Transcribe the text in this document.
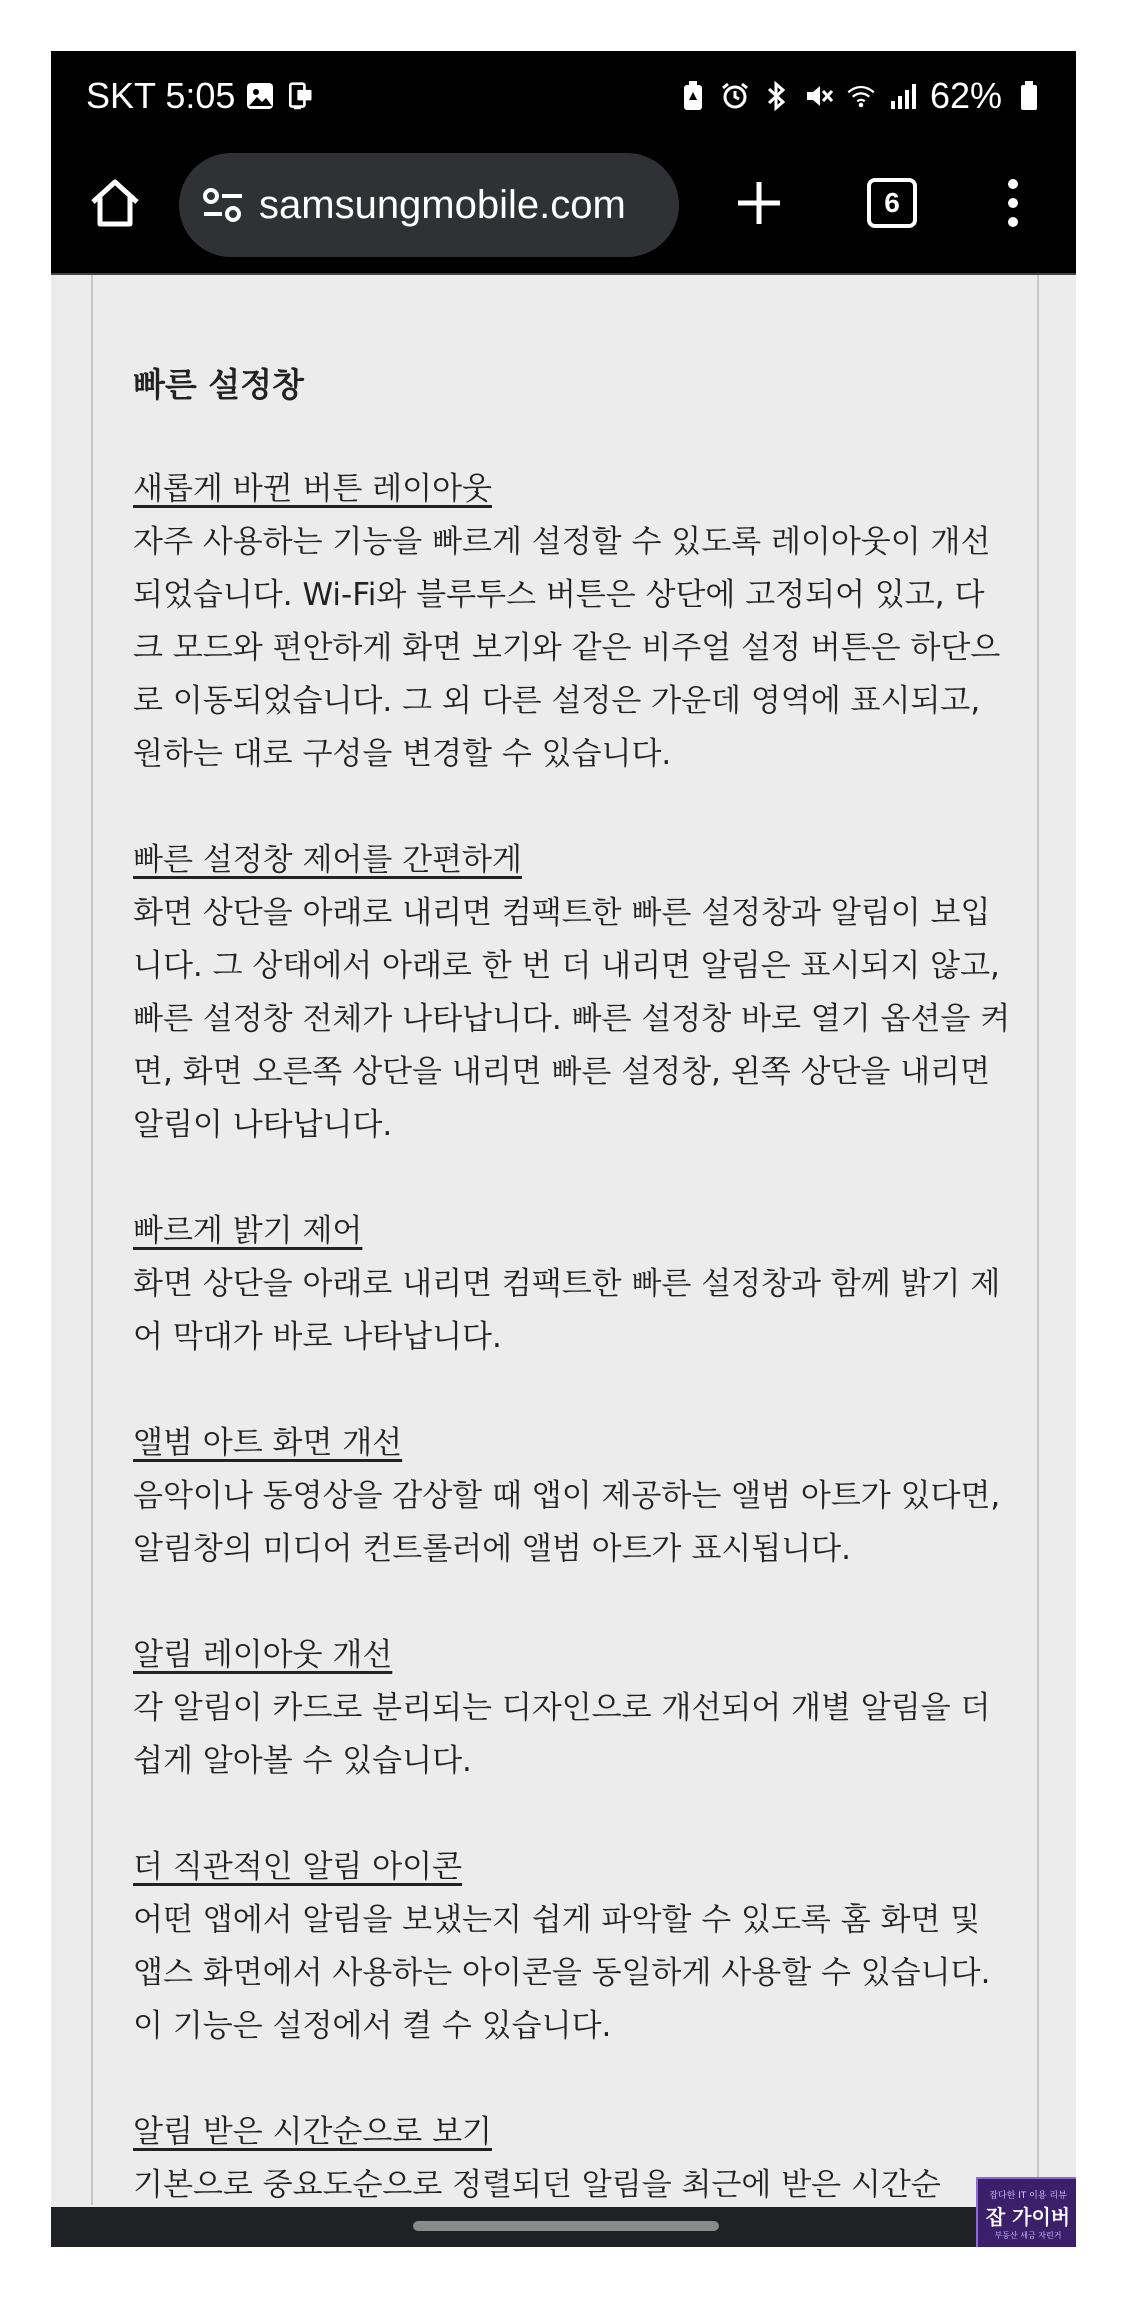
SKT 5:05	62%
samsungmobile.com	6
빠른 설정창
새롭게 바뀐 버튼 레이아웃
자주 사용하는 기능을 빠르게 설정할 수 있도록 레이아웃이 개선되었습니다. Wi-Fi와 블루투스 버튼은 상단에 고정되어 있고, 다크 모드와 편안하게 화면 보기와 같은 비주얼 설정 버튼은 하단으로 이동되었습니다. 그 외 다른 설정은 가운데 영역에 표시되고, 원하는 대로 구성을 변경할 수 있습니다.
빠른 설정창 제어를 간편하게
화면 상단을 아래로 내리면 컴팩트한 빠른 설정창과 알림이 보입니다. 그 상태에서 아래로 한 번 더 내리면 알림은 표시되지 않고, 빠른 설정창 전체가 나타납니다. 빠른 설정창 바로 열기 옵션을 켜면, 화면 오른쪽 상단을 내리면 빠른 설정창, 왼쪽 상단을 내리면 알림이 나타납니다.
빠르게 밝기 제어
화면 상단을 아래로 내리면 컴팩트한 빠른 설정창과 함께 밝기 제어 막대가 바로 나타납니다.
앨범 아트 화면 개선
음악이나 동영상을 감상할 때 앱이 제공하는 앨범 아트가 있다면, 알림창의 미디어 컨트롤러에 앨범 아트가 표시됩니다.
알림 레이아웃 개선
각 알림이 카드로 분리되는 디자인으로 개선되어 개별 알림을 더 쉽게 알아볼 수 있습니다.
더 직관적인 알림 아이콘
어떤 앱에서 알림을 보냈는지 쉽게 파악할 수 있도록 홈 화면 및 앱스 화면에서 사용하는 아이콘을 동일하게 사용할 수 있습니다. 이 기능은 설정에서 켤 수 있습니다.
알림 받은 시간순으로 보기
기본으로 중요도순으로 정렬되던 알림을 최근에 받은 시간순	잡다한 IT 이용 리뷰
잡 가이버
부동산 세금 자린거
